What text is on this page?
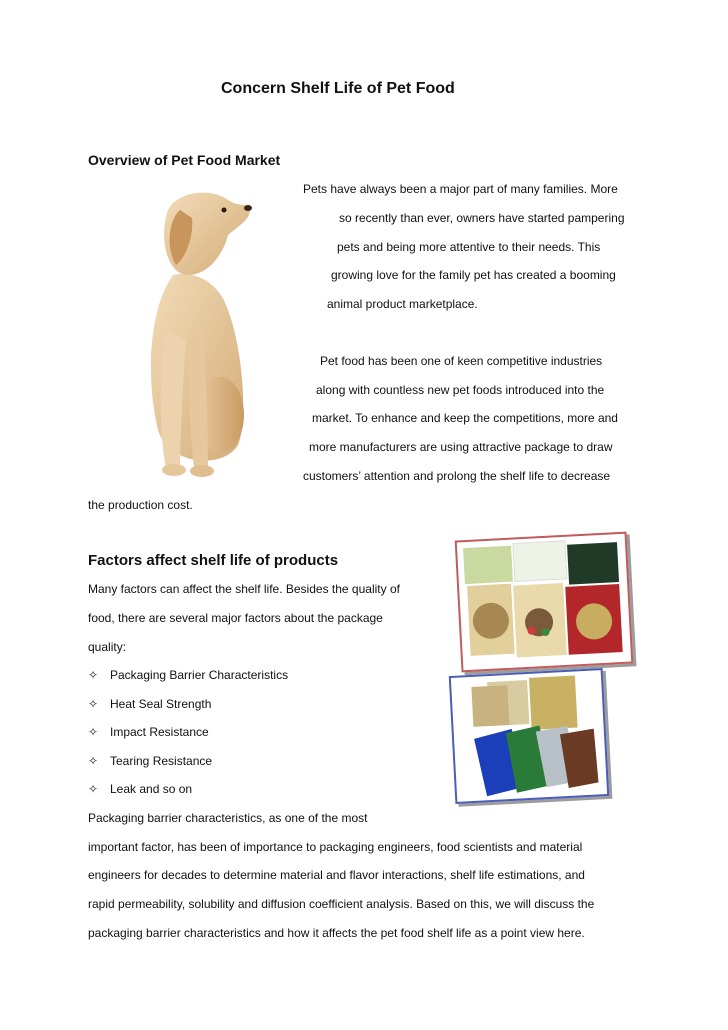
Concern Shelf Life of Pet Food
Overview of Pet Food Market
Pets have always been a major part of many families. More
so recently than ever, owners have started pampering
pets and being more attentive to their needs. This
growing love for the family pet has created a booming
animal product marketplace.
Pet food has been one of keen competitive industries
along with countless new pet foods introduced into the
market. To enhance and keep the competitions, more and
more manufacturers are using attractive package to draw
customers’ attention and prolong the shelf life to decrease
the production cost.
Factors affect shelf life of products
Many factors can affect the shelf life. Besides the quality of
food, there are several major factors about the package
quality:
✧ Packaging Barrier Characteristics
✧ Heat Seal Strength
✧ Impact Resistance
✧ Tearing Resistance
✧ Leak and so on
Packaging barrier characteristics, as one of the most
important factor, has been of importance to packaging engineers, food scientists and material
engineers for decades to determine material and flavor interactions, shelf life estimations, and
rapid permeability, solubility and diffusion coefficient analysis. Based on this, we will discuss the
packaging barrier characteristics and how it affects the pet food shelf life as a point view here.
